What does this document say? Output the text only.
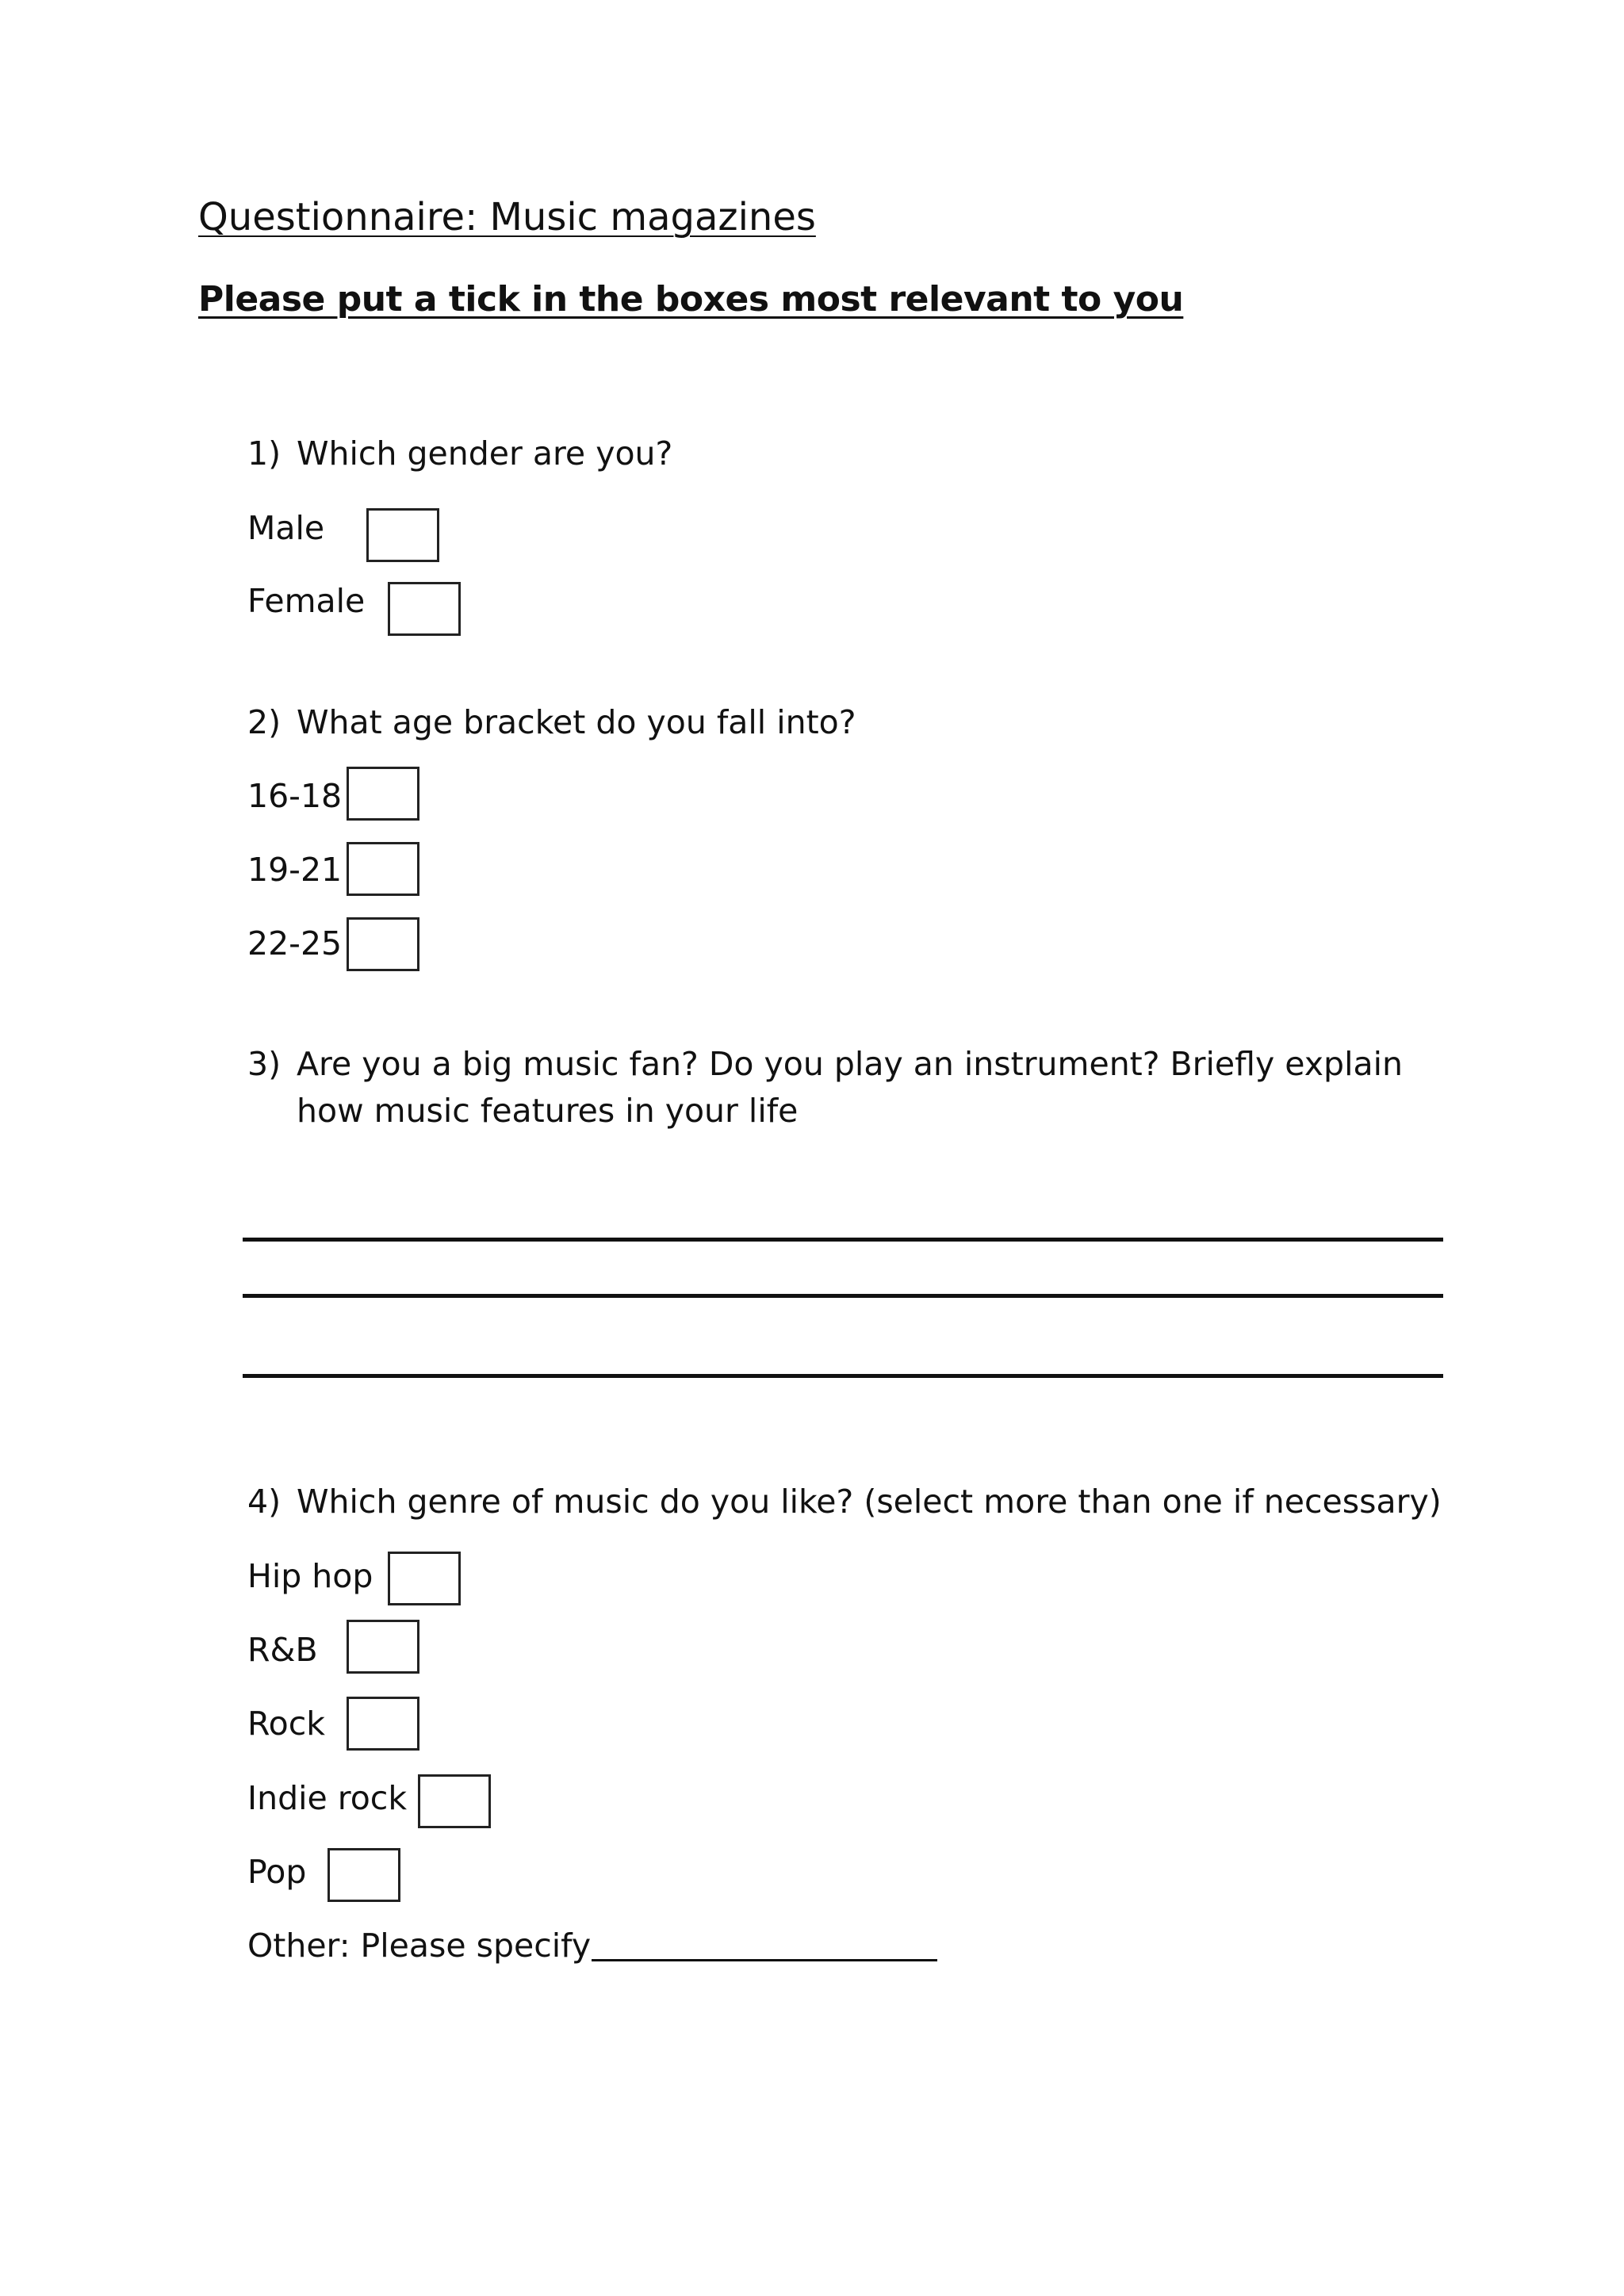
Questionnaire: Music magazines
Please put a tick in the boxes most relevant to you
1) Which gender are you?
Male
Female
2) What age bracket do you fall into?
16-18
19-21
22-25
3) Are you a big music fan? Do you play an instrument? Briefly explain
how music features in your life
4) Which genre of music do you like? (select more than one if necessary)
Hip hop
R&B
Rock
Indie rock
Pop
Other: Please specify
